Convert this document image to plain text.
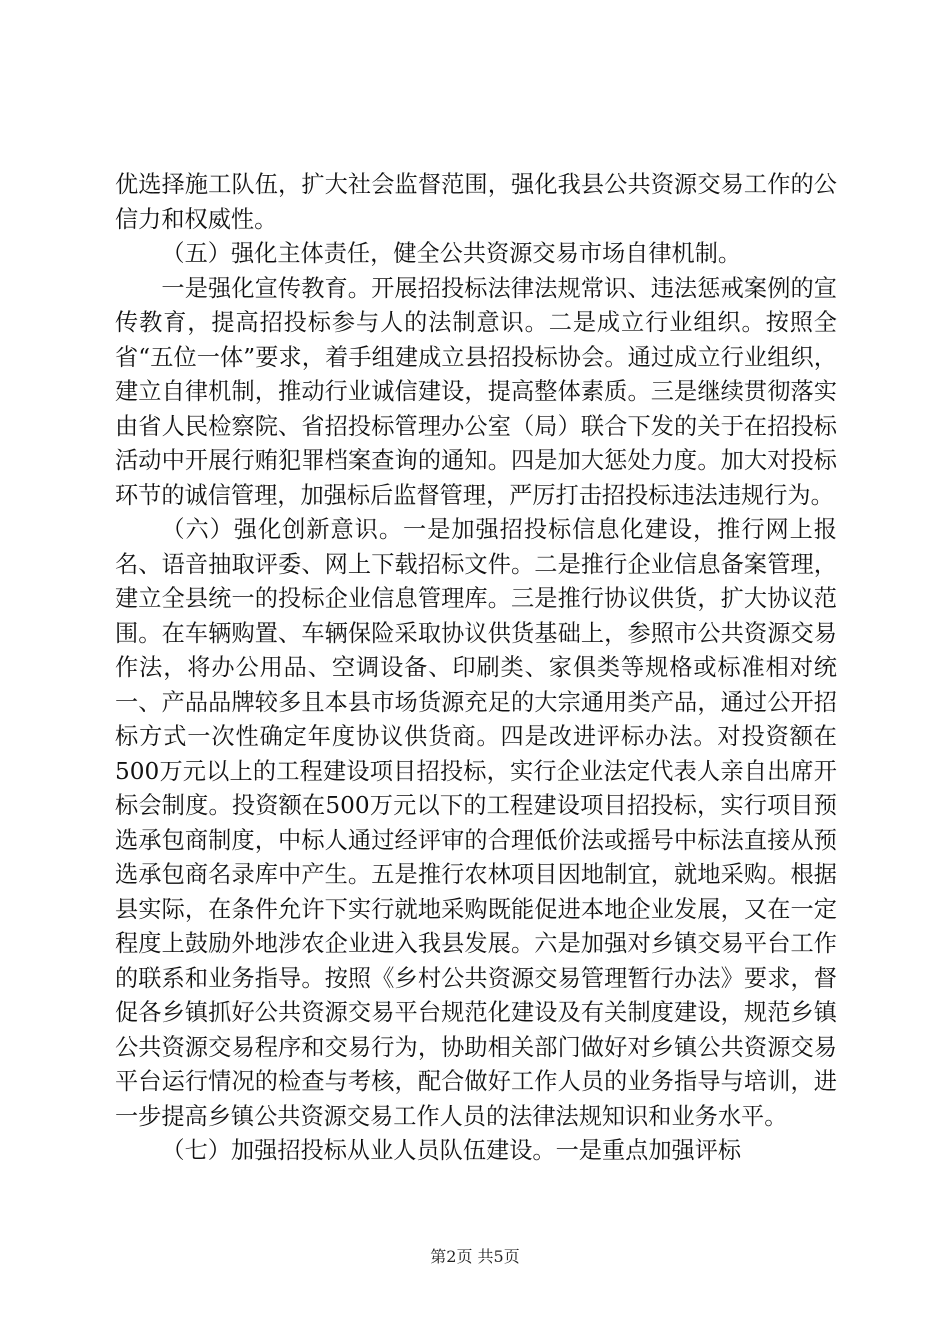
优选择施工队伍，扩大社会监督范围，强化我县公共资源交易工作的公信力和权威性。

（五）强化主体责任，健全公共资源交易市场自律机制。

一是强化宣传教育。开展招投标法律法规常识、违法惩戒案例的宣传教育，提高招投标参与人的法制意识。二是成立行业组织。按照全省“五位一体”要求，着手组建成立县招投标协会。通过成立行业组织，建立自律机制，推动行业诚信建设，提高整体素质。三是继续贯彻落实由省人民检察院、省招投标管理办公室（局）联合下发的关于在招投标活动中开展行贿犯罪档案查询的通知。四是加大惩处力度。加大对投标环节的诚信管理，加强标后监督管理，严厉打击招投标违法违规行为。

（六）强化创新意识。一是加强招投标信息化建设，推行网上报名、语音抽取评委、网上下载招标文件。二是推行企业信息备案管理，建立全县统一的投标企业信息管理库。三是推行协议供货，扩大协议范围。在车辆购置、车辆保险采取协议供货基础上，参照市公共资源交易作法，将办公用品、空调设备、印刷类、家俱类等规格或标准相对统一、产品品牌较多且本县市场货源充足的大宗通用类产品，通过公开招标方式一次性确定年度协议供货商。四是改进评标办法。对投资额在500万元以上的工程建设项目招投标，实行企业法定代表人亲自出席开标会制度。投资额在500万元以下的工程建设项目招投标，实行项目预选承包商制度，中标人通过经评审的合理低价法或摇号中标法直接从预选承包商名录库中产生。五是推行农林项目因地制宜，就地采购。根据县实际，在条件允许下实行就地采购既能促进本地企业发展，又在一定程度上鼓励外地涉农企业进入我县发展。六是加强对乡镇交易平台工作的联系和业务指导。按照《乡村公共资源交易管理暂行办法》要求，督促各乡镇抓好公共资源交易平台规范化建设及有关制度建设，规范乡镇公共资源交易程序和交易行为，协助相关部门做好对乡镇公共资源交易平台运行情况的检查与考核，配合做好工作人员的业务指导与培训，进一步提高乡镇公共资源交易工作人员的法律法规知识和业务水平。

（七）加强招投标从业人员队伍建设。一是重点加强评标

第2页 共5页
